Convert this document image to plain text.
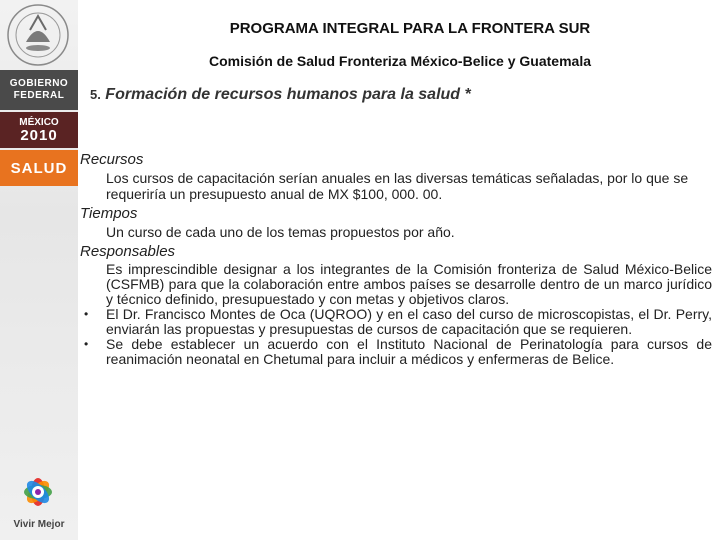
GOBIERNO
FEDERAL
MÉXICO
2010
SALUD
Vivir Mejor
PROGRAMA INTEGRAL PARA LA FRONTERA SUR
Comisión de Salud Fronteriza México-Belice y Guatemala
5. Formación de recursos humanos para la salud *
Recursos
Los cursos de capacitación serían anuales en las diversas temáticas señaladas, por lo que se requeriría un presupuesto anual de MX $100, 000. 00.
Tiempos
Un curso de cada uno de los temas propuestos por año.
Responsables
Es imprescindible designar a los integrantes de la Comisión fronteriza de Salud México-Belice (CSFMB) para que la colaboración entre ambos países se desarrolle dentro de un marco jurídico y técnico definido, presupuestado y con metas y objetivos claros.
• El Dr. Francisco Montes de Oca (UQROO) y en el caso del curso de microscopistas, el Dr. Perry, enviarán las propuestas y presupuestas de cursos de capacitación que se requieren.
• Se debe establecer un acuerdo con el Instituto Nacional de Perinatología para cursos de reanimación neonatal en Chetumal para incluir a médicos y enfermeras de Belice.
